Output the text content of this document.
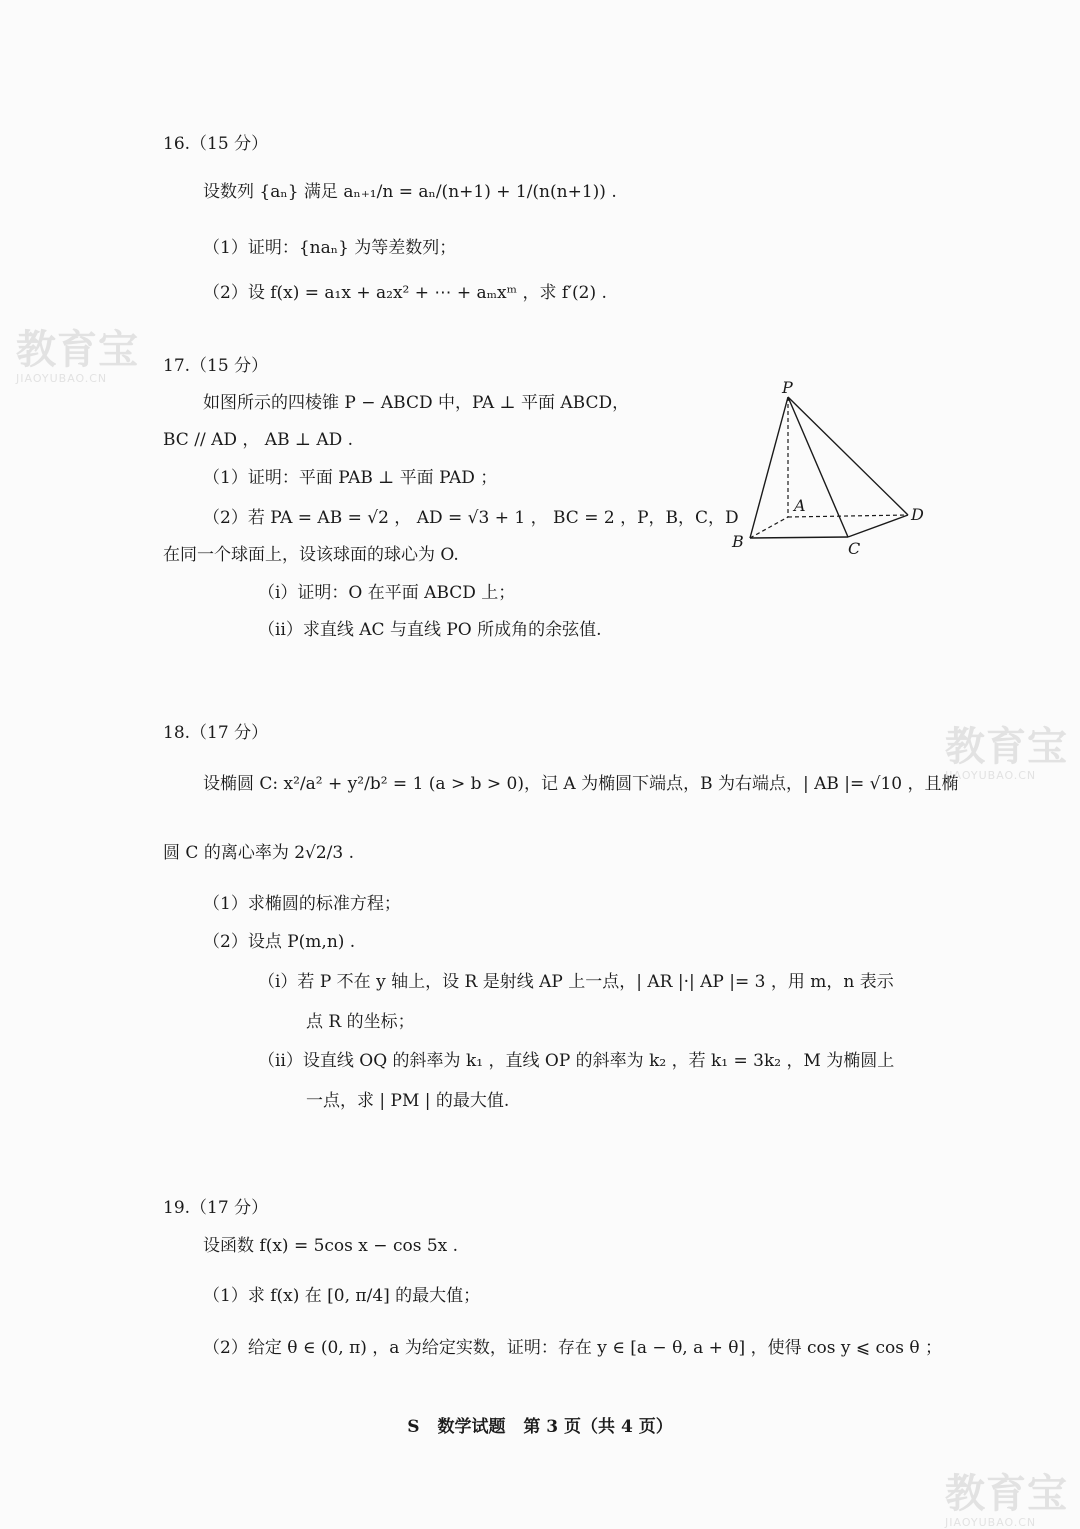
教育宝
JIAOYUBAO.CN
教育宝
JIAOYUBAO.CN
教育宝
JIAOYUBAO.CN
16.（15 分）
设数列 {aₙ} 满足 aₙ₊₁/n = aₙ/(n+1) + 1/(n(n+1)) .
（1）证明：{naₙ} 为等差数列；
（2）设 f(x) = a₁x + a₂x² + ⋯ + aₘxᵐ ，求 f′(2) .
17.（15 分）
如图所示的四棱锥 P − ABCD 中，PA ⊥ 平面 ABCD，
BC // AD ， AB ⊥ AD .
（1）证明：平面 PAB ⊥ 平面 PAD ；
（2）若 PA = AB = √2 ， AD = √3 + 1 ， BC = 2 ，P，B，C，D
在同一个球面上，设该球面的球心为 O.
（ⅰ）证明：O 在平面 ABCD 上；
（ⅱ）求直线 AC 与直线 PO 所成角的余弦值.
P
A
B	C
D
18.（17 分）
设椭圆 C: x²/a² + y²/b² = 1 (a > b > 0)，记 A 为椭圆下端点，B 为右端点，| AB |= √10 ，且椭
圆 C 的离心率为 2√2/3 .
（1）求椭圆的标准方程；
（2）设点 P(m,n) .
（ⅰ）若 P 不在 y 轴上，设 R 是射线 AP 上一点，| AR |·| AP |= 3 ，用 m，n 表示
点 R 的坐标；
（ⅱ）设直线 OQ 的斜率为 k₁ ，直线 OP 的斜率为 k₂ ，若 k₁ = 3k₂ ，M 为椭圆上
一点，求 | PM | 的最大值.
19.（17 分）
设函数 f(x) = 5cos x − cos 5x .
（1）求 f(x) 在 [0, π/4] 的最大值；
（2）给定 θ ∈ (0, π) ，a 为给定实数，证明：存在 y ∈ [a − θ, a + θ] ，使得 cos y ⩽ cos θ ；
S 数学试题 第 3 页（共 4 页）
